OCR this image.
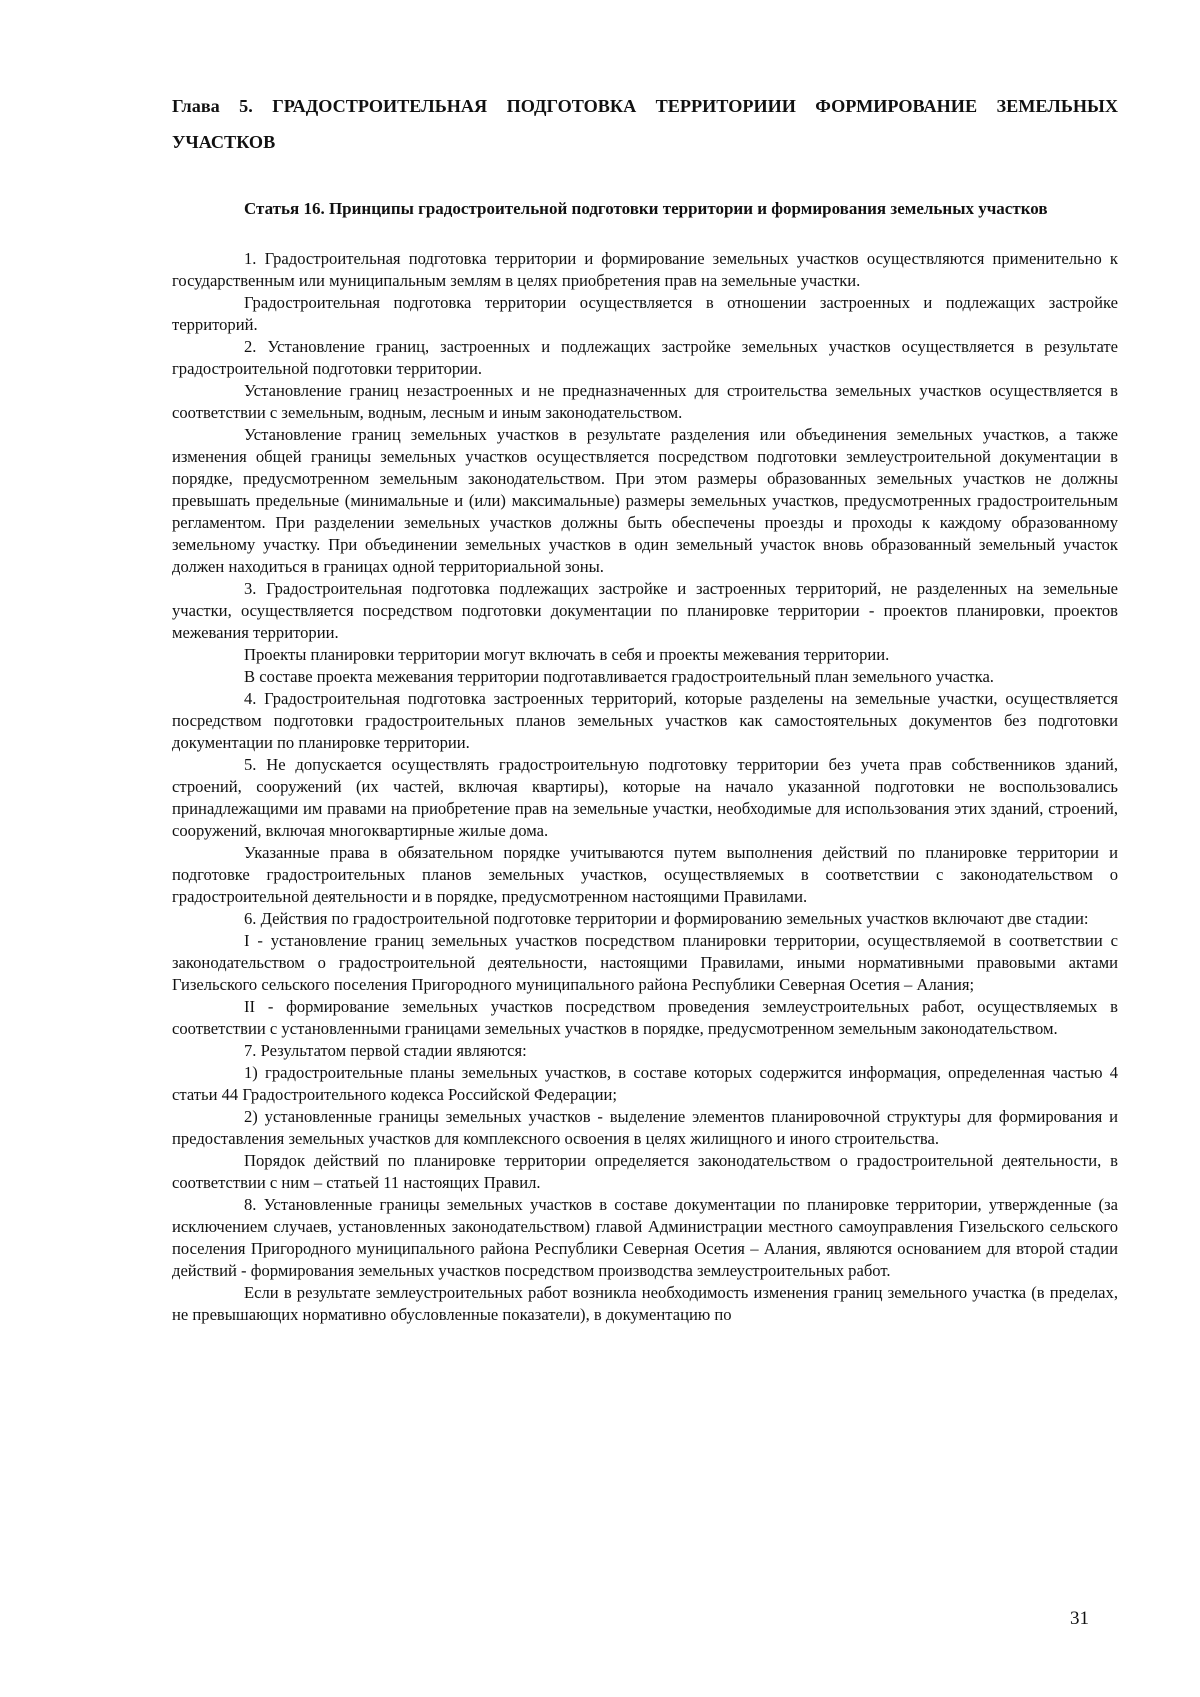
Глава 5. ГРАДОСТРОИТЕЛЬНАЯ ПОДГОТОВКА ТЕРРИТОРИИИ ФОРМИРОВАНИЕ ЗЕМЕЛЬНЫХ УЧАСТКОВ

Статья 16. Принципы градостроительной подготовки территории и формирования земельных участков

1. Градостроительная подготовка территории и формирование земельных участков осуществляются применительно к государственным или муниципальным землям в целях приобретения прав на земельные участки.

Градостроительная подготовка территории осуществляется в отношении застроенных и подлежащих застройке территорий.

2. Установление границ, застроенных и подлежащих застройке земельных участков осуществляется в результате градостроительной подготовки территории.

Установление границ незастроенных и не предназначенных для строительства земельных участков осуществляется в соответствии с земельным, водным, лесным и иным законодательством.

Установление границ земельных участков в результате разделения или объединения земельных участков, а также изменения общей границы земельных участков осуществляется посредством подготовки землеустроительной документации в порядке, предусмотренном земельным законодательством. При этом размеры образованных земельных участков не должны превышать предельные (минимальные и (или) максимальные) размеры земельных участков, предусмотренных градостроительным регламентом. При разделении земельных участков должны быть обеспечены проезды и проходы к каждому образованному земельному участку. При объединении земельных участков в один земельный участок вновь образованный земельный участок должен находиться в границах одной территориальной зоны.

3. Градостроительная подготовка подлежащих застройке и застроенных территорий, не разделенных на земельные участки, осуществляется посредством подготовки документации по планировке территории - проектов планировки, проектов межевания территории.

Проекты планировки территории могут включать в себя и проекты межевания территории.

В составе проекта межевания территории подготавливается градостроительный план земельного участка.

4. Градостроительная подготовка застроенных территорий, которые разделены на земельные участки, осуществляется посредством подготовки градостроительных планов земельных участков как самостоятельных документов без подготовки документации по планировке территории.

5. Не допускается осуществлять градостроительную подготовку территории без учета прав собственников зданий, строений, сооружений (их частей, включая квартиры), которые на начало указанной подготовки не воспользовались принадлежащими им правами на приобретение прав на земельные участки, необходимые для использования этих зданий, строений, сооружений, включая многоквартирные жилые дома.

Указанные права в обязательном порядке учитываются путем выполнения действий по планировке территории и подготовке градостроительных планов земельных участков, осуществляемых в соответствии с законодательством о градостроительной деятельности и в порядке, предусмотренном настоящими Правилами.

6. Действия по градостроительной подготовке территории и формированию земельных участков включают две стадии:

I - установление границ земельных участков посредством планировки территории, осуществляемой в соответствии с законодательством о градостроительной деятельности, настоящими Правилами, иными нормативными правовыми актами Гизельского сельского поселения Пригородного муниципального района Республики Северная Осетия – Алания;

II - формирование земельных участков посредством проведения землеустроительных работ, осуществляемых в соответствии с установленными границами земельных участков в порядке, предусмотренном земельным законодательством.

7. Результатом первой стадии являются:

1) градостроительные планы земельных участков, в составе которых содержится информация, определенная частью 4 статьи 44 Градостроительного кодекса Российской Федерации;

2) установленные границы земельных участков - выделение элементов планировочной структуры для формирования и предоставления земельных участков для комплексного освоения в целях жилищного и иного строительства.

Порядок действий по планировке территории определяется законодательством о градостроительной деятельности, в соответствии с ним – статьей 11 настоящих Правил.

8. Установленные границы земельных участков в составе документации по планировке территории, утвержденные (за исключением случаев, установленных законодательством) главой Администрации местного самоуправления Гизельского сельского поселения Пригородного муниципального района Республики Северная Осетия – Алания, являются основанием для второй стадии действий - формирования земельных участков посредством производства землеустроительных работ.

Если в результате землеустроительных работ возникла необходимость изменения границ земельного участка (в пределах, не превышающих нормативно обусловленные показатели), в документацию по

31
